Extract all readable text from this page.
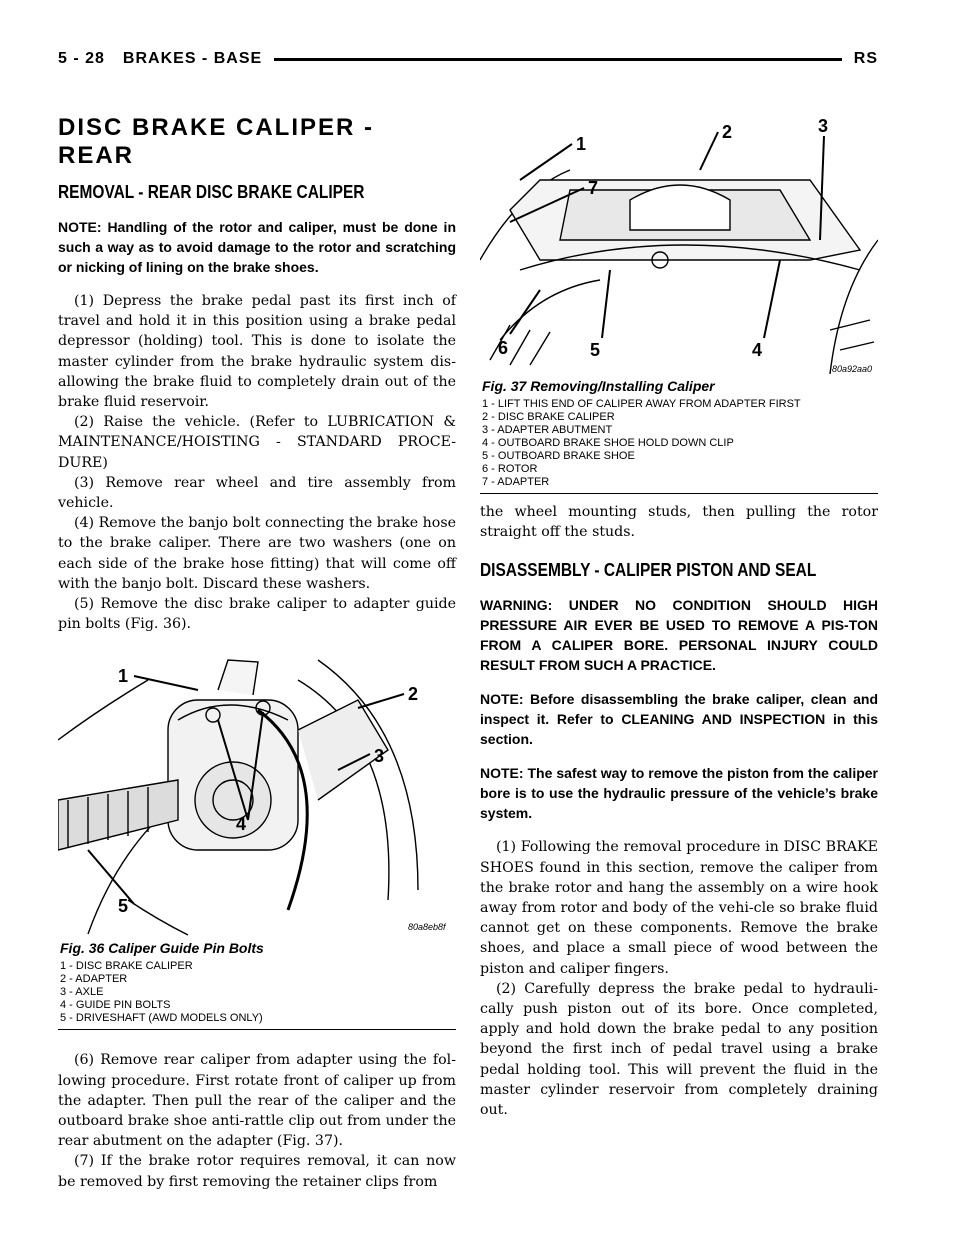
5 - 28 BRAKES - BASE	RS
DISC BRAKE CALIPER - REAR
REMOVAL - REAR DISC BRAKE CALIPER

NOTE: Handling of the rotor and caliper, must be done in such a way as to avoid damage to the rotor and scratching or nicking of lining on the brake shoes.

(1) Depress the brake pedal past its first inch of travel and hold it in this position using a brake pedal depressor (holding) tool. This is done to isolate the master cylinder from the brake hydraulic system dis-allowing the brake fluid to completely drain out of the brake fluid reservoir.

(2) Raise the vehicle. (Refer to LUBRICATION & MAINTENANCE/HOISTING - STANDARD PROCE-DURE)

(3) Remove rear wheel and tire assembly from vehicle.

(4) Remove the banjo bolt connecting the brake hose to the brake caliper. There are two washers (one on each side of the brake hose fitting) that will come off with the banjo bolt. Discard these washers.

(5) Remove the disc brake caliper to adapter guide pin bolts (Fig. 36).

1
2
3
4
5
80a8eb8f
Fig. 36 Caliper Guide Pin Bolts
1 - DISC BRAKE CALIPER
2 - ADAPTER
3 - AXLE
4 - GUIDE PIN BOLTS
5 - DRIVESHAFT (AWD MODELS ONLY)

(6) Remove rear caliper from adapter using the fol-lowing procedure. First rotate front of caliper up from the adapter. Then pull the rear of the caliper and the outboard brake shoe anti-rattle clip out from under the rear abutment on the adapter (Fig. 37).

(7) If the brake rotor requires removal, it can now be removed by first removing the retainer clips from

1
2	3
7
6	5	4
80a92aa0
Fig. 37 Removing/Installing Caliper
1 - LIFT THIS END OF CALIPER AWAY FROM ADAPTER FIRST
2 - DISC BRAKE CALIPER
3 - ADAPTER ABUTMENT
4 - OUTBOARD BRAKE SHOE HOLD DOWN CLIP
5 - OUTBOARD BRAKE SHOE
6 - ROTOR
7 - ADAPTER

the wheel mounting studs, then pulling the rotor straight off the studs.

DISASSEMBLY - CALIPER PISTON AND SEAL

WARNING: UNDER NO CONDITION SHOULD HIGH PRESSURE AIR EVER BE USED TO REMOVE A PIS-TON FROM A CALIPER BORE. PERSONAL INJURY COULD RESULT FROM SUCH A PRACTICE.

NOTE: Before disassembling the brake caliper, clean and inspect it. Refer to CLEANING AND INSPECTION in this section.

NOTE: The safest way to remove the piston from the caliper bore is to use the hydraulic pressure of the vehicle’s brake system.

(1) Following the removal procedure in DISC BRAKE SHOES found in this section, remove the caliper from the brake rotor and hang the assembly on a wire hook away from rotor and body of the vehi-cle so brake fluid cannot get on these components. Remove the brake shoes, and place a small piece of wood between the piston and caliper fingers.

(2) Carefully depress the brake pedal to hydrauli-cally push piston out of its bore. Once completed, apply and hold down the brake pedal to any position beyond the first inch of pedal travel using a brake pedal holding tool. This will prevent the fluid in the master cylinder reservoir from completely draining out.
